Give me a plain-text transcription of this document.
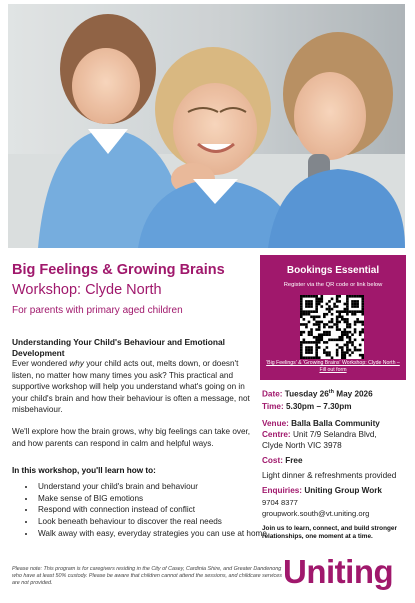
Big Feelings & Growing Brains
Workshop: Clyde North
For parents with primary aged children
Understanding Your Child's Behaviour and Emotional Development
Ever wondered why your child acts out, melts down, or doesn't listen, no matter how many times you ask? This practical and supportive workshop will help you understand what's going on in your child's brain and how their behaviour is often a message, not misbehaviour.
We'll explore how the brain grows, why big feelings can take over, and how parents can respond in calm and helpful ways.
In this workshop, you'll learn how to:
• Understand your child's brain and behaviour
• Make sense of BIG emotions
• Respond with connection instead of conflict
• Look beneath behaviour to discover the real needs
• Walk away with easy, everyday strategies you can use at home
Please note: This program is for caregivers residing in the City of Casey, Cardinia Shire, and Greater Dandenong who have at least 50% custody. Please be aware that children cannot attend the sessions, and childcare services are not provided.
Bookings Essential
Register via the QR code or link below
'Big Feelings' & 'Growing Brains' Workshop: Clyde North – Fill out form
Date: Tuesday 26th May 2026
Time: 5.30pm – 7.30pm
Venue: Balla Balla Community
Centre: Unit 7/9 Selandra Blvd,
Clyde North VIC 3978
Cost: Free
Light dinner & refreshments provided
Enquiries: Uniting Group Work
9704 8377
groupwork.south@vt.uniting.org
Join us to learn, connect, and build stronger relationships, one moment at a time.
Uniting
